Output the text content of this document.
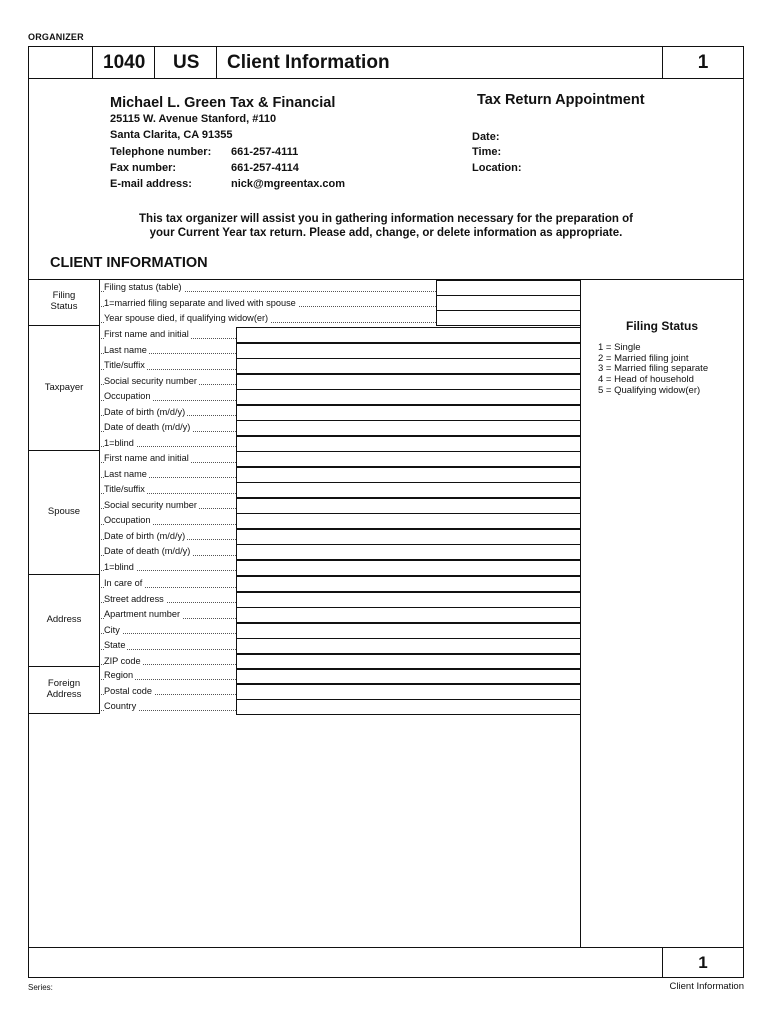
ORGANIZER
1040 US Client Information	1
Michael L. Green Tax & Financial
25115 W. Avenue Stanford, #110
Santa Clarita, CA 91355
Telephone number: 661-257-4111
Fax number:	661-257-4114
E-mail address:	nick@mgreentax.com
Tax Return Appointment
Date:
Time:
Location:
This tax organizer will assist you in gathering information necessary for the preparation of
your Current Year tax return. Please add, change, or delete information as appropriate.
CLIENT INFORMATION
Filing
Status
Filing status (table)
1=married filing separate and lived with spouse
Year spouse died, if qualifying widow(er)
Taxpayer
First name and initial
Last name
Title/suffix
Social security number
Occupation
Date of birth (m/d/y)
Date of death (m/d/y)
1=blind
Spouse
First name and initial
Last name
Title/suffix
Social security number
Occupation
Date of birth (m/d/y)
Date of death (m/d/y)
1=blind
Address
In care of
Street address
Apartment number
City
State
ZIP code
Foreign
Address
Region
Postal code
Country
Filing Status
1 = Single
2 = Married filing joint
3 = Married filing separate
4 = Head of household
5 = Qualifying widow(er)
1
Series:	Client Information
